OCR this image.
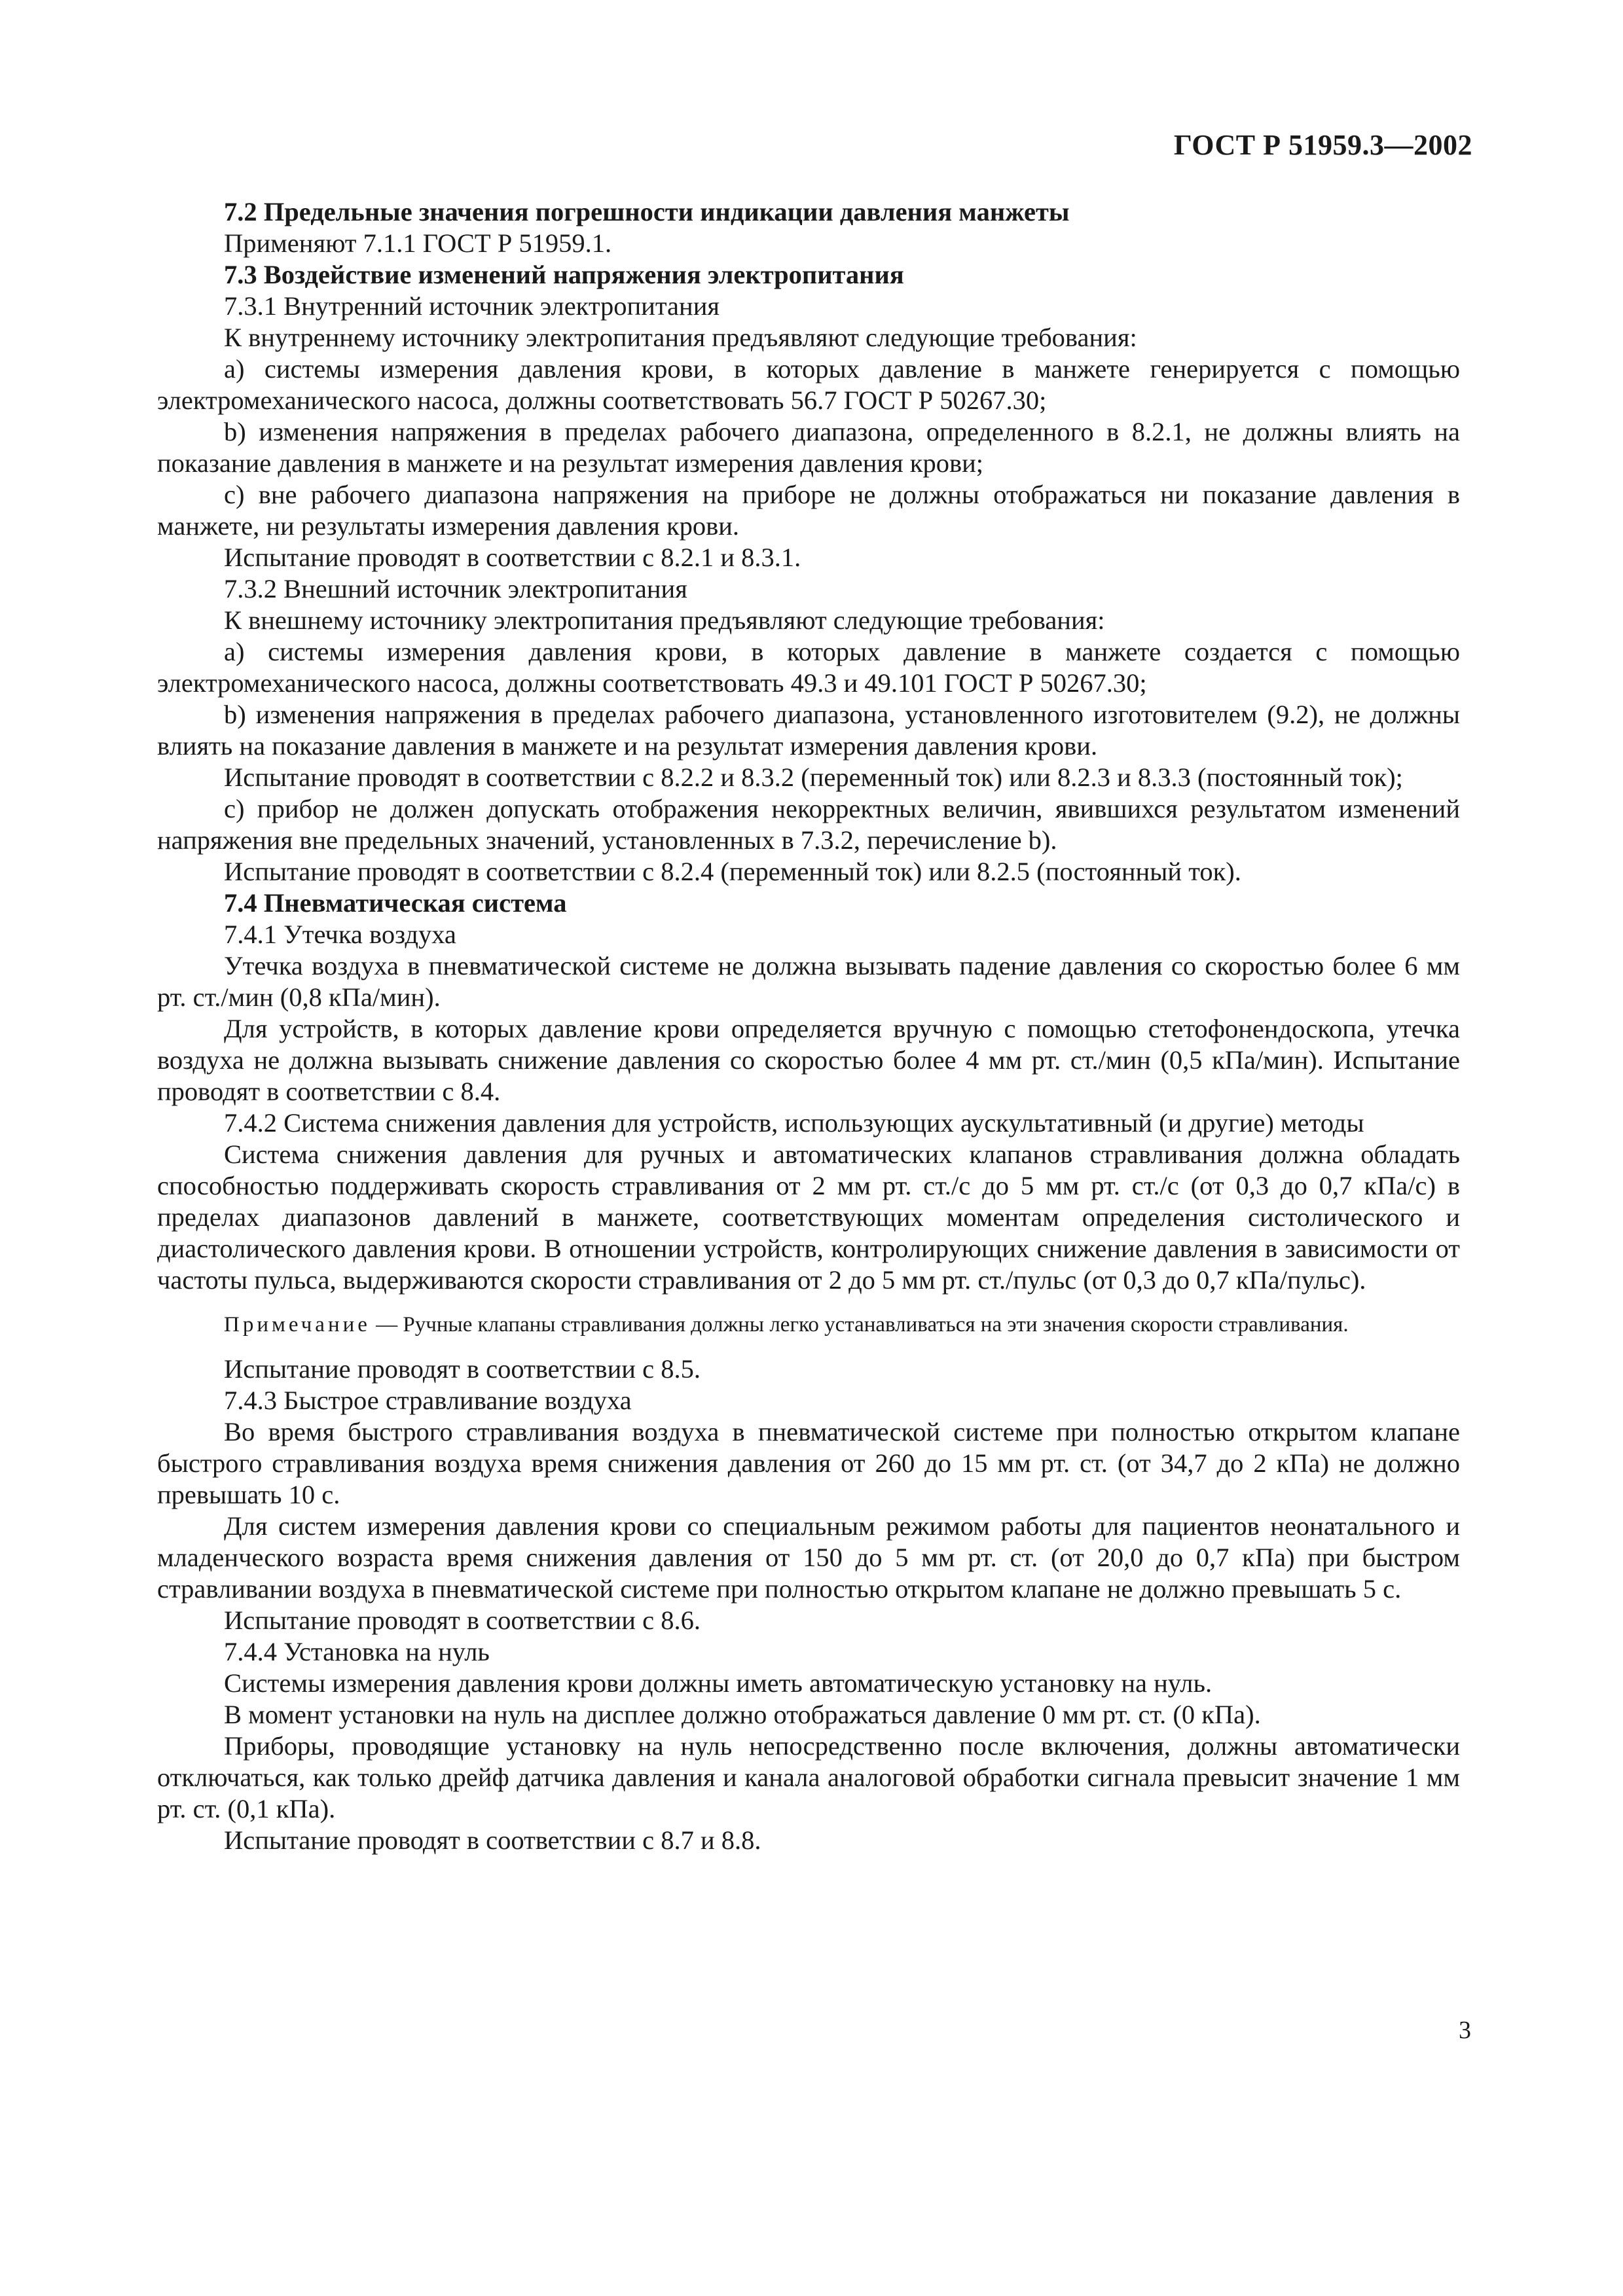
ГОСТ Р 51959.3—2002

7.2 Предельные значения погрешности индикации давления манжеты

Применяют 7.1.1 ГОСТ Р 51959.1.

7.3 Воздействие изменений напряжения электропитания

7.3.1 Внутренний источник электропитания

К внутреннему источнику электропитания предъявляют следующие требования:

а) системы измерения давления крови, в которых давление в манжете генерируется с помощью электромеханического насоса, должны соответствовать 56.7 ГОСТ Р 50267.30;

b) изменения напряжения в пределах рабочего диапазона, определенного в 8.2.1, не должны влиять на показание давления в манжете и на результат измерения давления крови;

c) вне рабочего диапазона напряжения на приборе не должны отображаться ни показание давления в манжете, ни результаты измерения давления крови.

Испытание проводят в соответствии с 8.2.1 и 8.3.1.

7.3.2 Внешний источник электропитания

К внешнему источнику электропитания предъявляют следующие требования:

а) системы измерения давления крови, в которых давление в манжете создается с помощью электромеханического насоса, должны соответствовать 49.3 и 49.101 ГОСТ Р 50267.30;

b) изменения напряжения в пределах рабочего диапазона, установленного изготовителем (9.2), не должны влиять на показание давления в манжете и на результат измерения давления крови.

Испытание проводят в соответствии с 8.2.2 и 8.3.2 (переменный ток) или 8.2.3 и 8.3.3 (постоянный ток);

c) прибор не должен допускать отображения некорректных величин, явившихся результатом изменений напряжения вне предельных значений, установленных в 7.3.2, перечисление b).

Испытание проводят в соответствии с 8.2.4 (переменный ток) или 8.2.5 (постоянный ток).

7.4 Пневматическая система

7.4.1 Утечка воздуха

Утечка воздуха в пневматической системе не должна вызывать падение давления со скоростью более 6 мм рт. ст./мин (0,8 кПа/мин).

Для устройств, в которых давление крови определяется вручную с помощью стетофонендоскопа, утечка воздуха не должна вызывать снижение давления со скоростью более 4 мм рт. ст./мин (0,5 кПа/мин). Испытание проводят в соответствии с 8.4.

7.4.2 Система снижения давления для устройств, использующих аускультативный (и другие) методы

Система снижения давления для ручных и автоматических клапанов стравливания должна обладать способностью поддерживать скорость стравливания от 2 мм рт. ст./с до 5 мм рт. ст./с (от 0,3 до 0,7 кПа/с) в пределах диапазонов давлений в манжете, соответствующих моментам определения систолического и диастолического давления крови. В отношении устройств, контролирующих снижение давления в зависимости от частоты пульса, выдерживаются скорости стравливания от 2 до 5 мм рт. ст./пульс (от 0,3 до 0,7 кПа/пульс).

Примечание — Ручные клапаны стравливания должны легко устанавливаться на эти значения скорости стравливания.

Испытание проводят в соответствии с 8.5.

7.4.3 Быстрое стравливание воздуха

Во время быстрого стравливания воздуха в пневматической системе при полностью открытом клапане быстрого стравливания воздуха время снижения давления от 260 до 15 мм рт. ст. (от 34,7 до 2 кПа) не должно превышать 10 с.

Для систем измерения давления крови со специальным режимом работы для пациентов неонатального и младенческого возраста время снижения давления от 150 до 5 мм рт. ст. (от 20,0 до 0,7 кПа) при быстром стравливании воздуха в пневматической системе при полностью открытом клапане не должно превышать 5 с.

Испытание проводят в соответствии с 8.6.

7.4.4 Установка на нуль

Системы измерения давления крови должны иметь автоматическую установку на нуль.

В момент установки на нуль на дисплее должно отображаться давление 0 мм рт. ст. (0 кПа).

Приборы, проводящие установку на нуль непосредственно после включения, должны автоматически отключаться, как только дрейф датчика давления и канала аналоговой обработки сигнала превысит значение 1 мм рт. ст. (0,1 кПа).

Испытание проводят в соответствии с 8.7 и 8.8.

3
